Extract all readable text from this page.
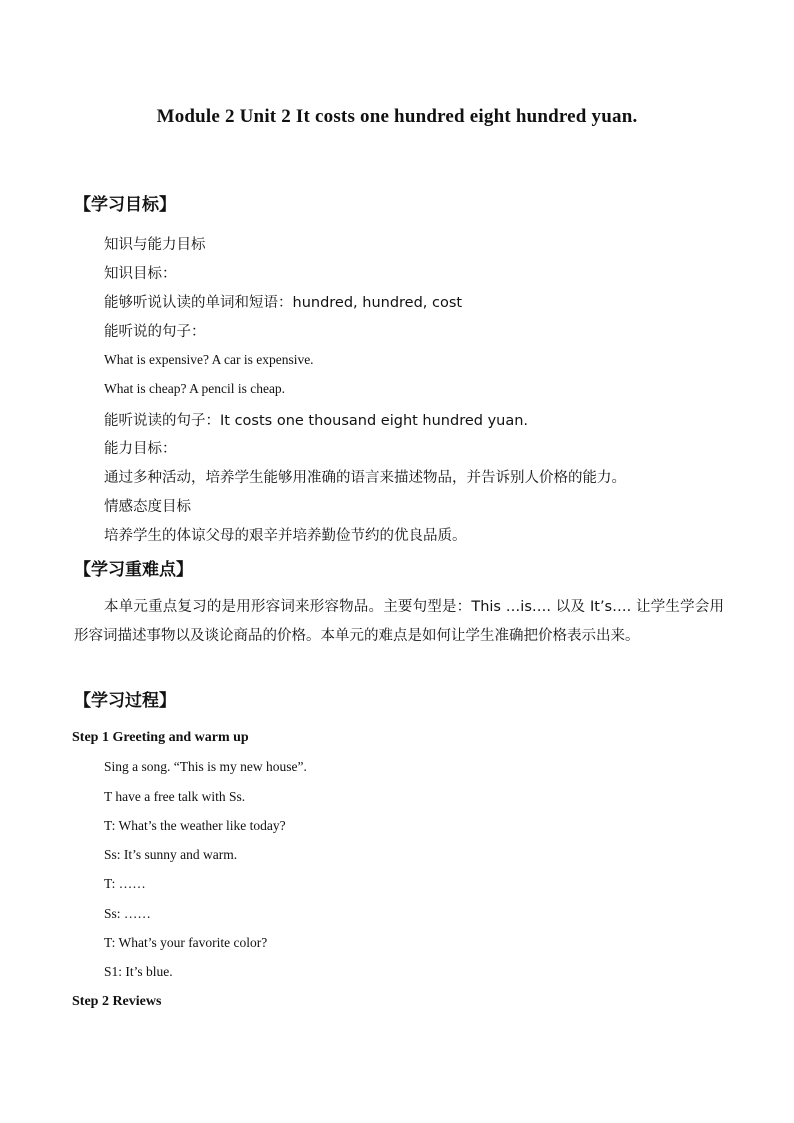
Module 2 Unit 2 It costs one hundred eight hundred yuan.
【学习目标】
知识与能力目标
知识目标：
能够听说认读的单词和短语：hundred, hundred, cost
能听说的句子：
What is expensive? A car is expensive.
What is cheap? A pencil is cheap.
能听说读的句子：It costs one thousand eight hundred yuan.
能力目标：
通过多种活动，培养学生能够用准确的语言来描述物品，并告诉别人价格的能力。
情感态度目标
培养学生的体谅父母的艰辛并培养勤俭节约的优良品质。
【学习重难点】
本单元重点复习的是用形容词来形容物品。主要句型是：This …is…. 以及 It’s…. 让学生学会用形容词描述事物以及谈论商品的价格。本单元的难点是如何让学生准确把价格表示出来。
【学习过程】
Step 1 Greeting and warm up
Sing a song. “This is my new house”.
T have a free talk with Ss.
T: What’s the weather like today?
Ss: It’s sunny and warm.
T: ……
Ss: ……
T: What’s your favorite color?
S1: It’s blue.
Step 2 Reviews
